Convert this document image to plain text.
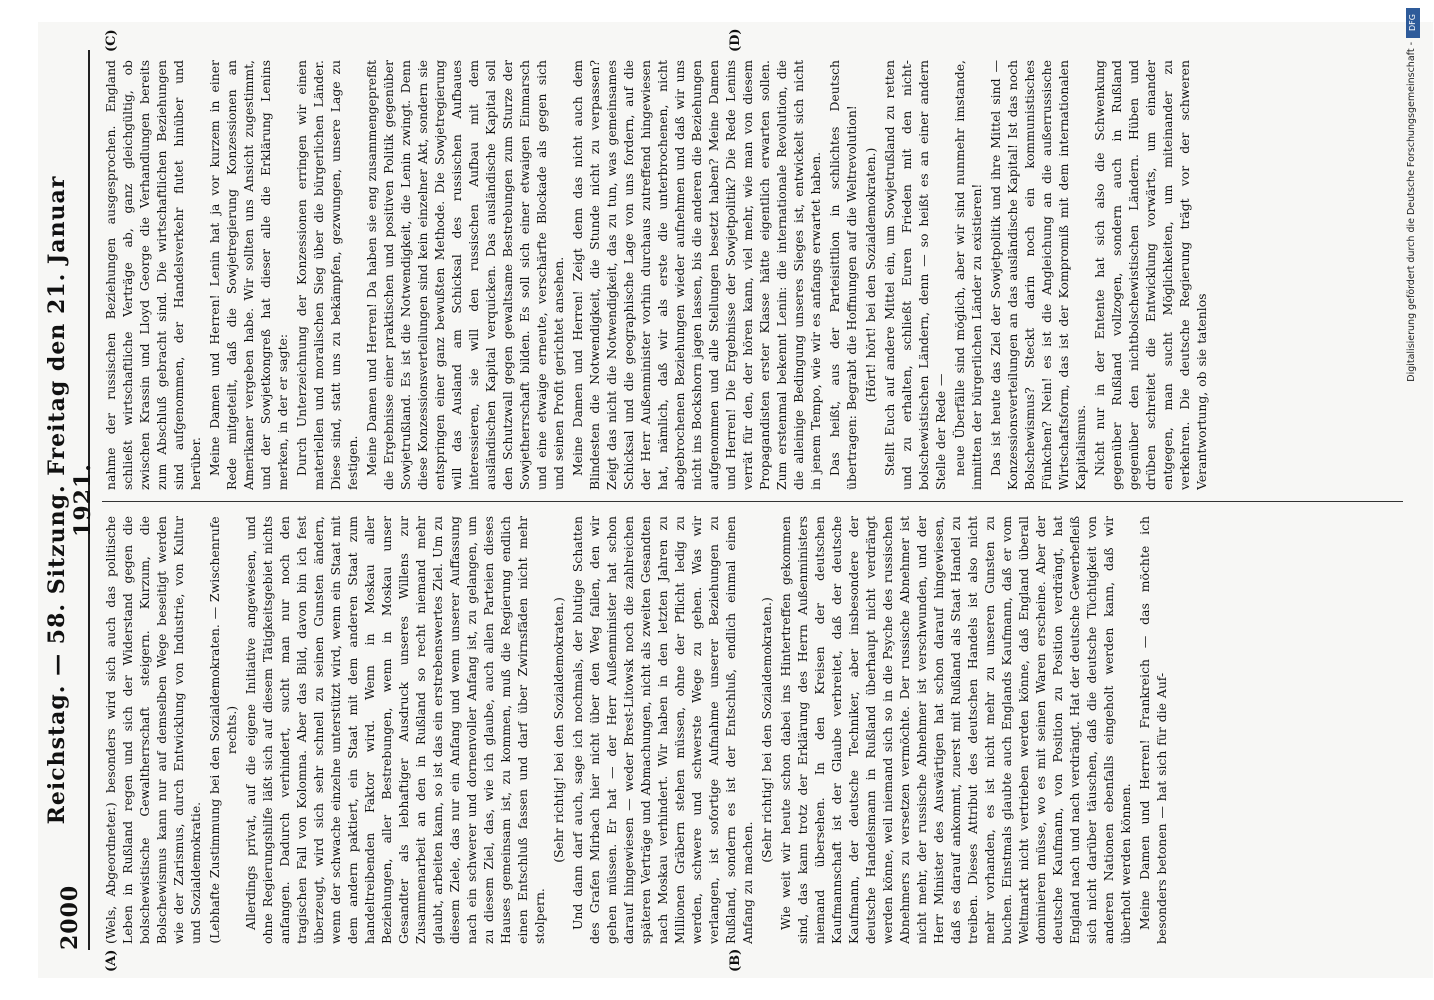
2000
Reichstag. — 58. Sitzung. Freitag den 21. Januar 1921.
(A)	(B)
(C)	(D)

(Wels, Abgeordneter.) besonders wird sich auch das politische Leben in Rußland regen und sich der Widerstand gegen die bolschewistische Gewaltherrschaft steigern. Kurzum, die Bolschewismus kann nur auf demselben Wege beseitigt werden wie der Zarismus, durch Entwicklung von Industrie, von Kultur und Sozialdemokratie. (Lebhafte Zustimmung bei den Sozialdemokraten. — Zwischenrufe rechts.) Allerdings privat, auf die eigene Initiative angewiesen, und ohne Regierungshilfe läßt sich auf diesem Tätigkeitsgebiet nichts anfangen. Dadurch verhindert, sucht man nur noch den tragischen Fall von Kolomna. Aber das Bild, davon bin ich fest überzeugt, wird sich sehr schnell zu seinen Gunsten ändern, wenn der schwache einzelne unterstützt wird, wenn ein Staat mit dem andern paktiert, ein Staat mit dem anderen Staat zum handeltreibenden Faktor wird. Wenn in Moskau aller Beziehungen, aller Bestrebungen, wenn in Moskau unser Gesandter als lebhaftiger Ausdruck unseres Willens zur Zusammenarbeit an den in Rußland so recht niemand mehr glaubt, arbeiten kann, so ist das ein erstrebenswertes Ziel. Um zu diesem Ziele, das nur ein Anfang und wenn unserer Auffassung nach ein schwerer und dornenvoller Anfang ist, zu gelangen, um zu diesem Ziel, das, wie ich glaube, auch allen Parteien dieses Hauses gemeinsam ist, zu kommen, muß die Regierung endlich einen Entschluß fassen und darf über Zwirnsfäden nicht mehr stolpern.

(Sehr richtig! bei den Sozialdemokraten.) Und dann darf auch, sage ich nochmals, der blutige Schatten des Grafen Mirbach hier nicht über den Weg fallen, den wir gehen müssen. Er hat — der Herr Außenminister hat schon darauf hingewiesen — weder Brest-Litowsk noch die zahlreichen späteren Verträge und Abmachungen, nicht als zweiten Gesandten nach Moskau verhindert. Wir haben in den letzten Jahren zu Millionen Gräbern stehen müssen, ohne der Pflicht ledig zu werden, schwere und schwerste Wege zu gehen. Was wir verlangen, ist sofortige Aufnahme unserer Beziehungen zu Rußland, sondern es ist der Entschluß, endlich einmal einen Anfang zu machen.

(Sehr richtig! bei den Sozialdemokraten.) Wie weit wir heute schon dabei ins Hintertreffen gekommen sind, das kann trotz der Erklärung des Herrn Außenministers niemand übersehen. In den Kreisen der deutschen Kaufmannschaft ist der Glaube verbreitet, daß der deutsche Kaufmann, der deutsche Techniker, aber insbesondere der deutsche Handelsmann in Rußland überhaupt nicht verdrängt werden könne, weil niemand sich so in die Psyche des russischen Abnehmers zu versetzen vermöchte. Der russische Abnehmer ist nicht mehr, der russische Abnehmer ist verschwunden, und der Herr Minister des Auswärtigen hat schon darauf hingewiesen, daß es darauf ankommt, zuerst mit Rußland als Staat Handel zu treiben. Dieses Attribut des deutschen Handels ist also nicht mehr vorhanden, es ist nicht mehr zu unseren Gunsten zu buchen. Einstmals glaubte auch Englands Kaufmann, daß er vom Weltmarkt nicht vertrieben werden könne, daß England überall dominieren müsse, wo es mit seinen Waren erscheine. Aber der deutsche Kaufmann, von Position zu Position verdrängt, hat England nach und nach verdrängt. Hat der deutsche Gewerbefleiß sich nicht darüber täuschen, daß die deutsche Tüchtigkeit von anderen Nationen ebenfalls eingeholt werden kann, daß wir überholt werden können. Meine Damen und Herren! Frankreich — das möchte ich besonders betonen — hat sich für die Auf-

nahme der russischen Beziehungen ausgesprochen. England schließt wirtschaftliche Verträge ab, ganz gleichgültig, ob zwischen Krassin und Lloyd George die Verhandlungen bereits zum Abschluß gebracht sind. Die wirtschaftlichen Beziehungen sind aufgenommen, der Handelsverkehr flutet hinüber und herüber. Meine Damen und Herren! Lenin hat ja vor kurzem in einer Rede mitgeteilt, daß die Sowjetregierung Konzessionen an Amerikaner vergeben habe. Wir sollten uns Ansicht zugestimmt, und der Sowjetkongreß hat dieser alle die Erklärung Lenins merken, in der er sagte: Durch Unterzeichnung der Konzessionen erringen wir einen materiellen und moralischen Sieg über die bürgerlichen Länder. Diese sind, statt uns zu bekämpfen, gezwungen, unsere Lage zu festigen. Meine Damen und Herren! Da haben sie eng zusammengeprefßt die Ergebnisse einer praktischen und positiven Politik gegenüber Sowjetrußland. Es ist die Notwendigkeit, die Lenin zwingt. Denn diese Konzessionsverteilungen sind kein einzelner Akt, sondern sie entspringen einer ganz bewußten Methode. Die Sowjetregierung will das Ausland am Schicksal des russischen Aufbaues interessieren, sie will den russischen Aufbau mit dem ausländischen Kapital verquicken. Das ausländische Kapital soll den Schutzwall gegen gewaltsame Bestrebungen zum Sturze der Sowjetherrschaft bilden. Es soll sich einer etwaigen Einmarsch und eine etwaige erneute, verschärfte Blockade als gegen sich und seinen Profit gerichtet ansehen. Meine Damen und Herren! Zeigt denn das nicht auch dem Blindesten die Notwendigkeit, die Stunde nicht zu verpassen? Zeigt das nicht die Notwendigkeit, das zu tun, was gemeinsames Schicksal und die geographische Lage von uns fordern, auf die der Herr Außenminister vorhin durchaus zutreffend hingewiesen hat, nämlich, daß wir als erste die unterbrochenen, nicht abgebrochenen Beziehungen wieder aufnehmen und daß wir uns nicht ins Bockshorn jagen lassen, bis die anderen die Beziehungen aufgenommen und alle Stellungen besetzt haben? Meine Damen und Herren! Die Ergebnisse der Sowjetpolitik? Die Rede Lenins verrät für den, der hören kann, viel mehr, wie man von diesem Propagandisten erster Klasse hätte eigentlich erwarten sollen. Zum erstenmal bekennt Lenin: die internationale Revolution, die die alleinige Bedingung unseres Sieges ist, entwickelt sich nicht in jenem Tempo, wie wir es anfangs erwartet haben. Das heißt, aus der Parteisittlion in schlichtes Deutsch übertragen: Begrabt die Hoffnungen auf die Weltrevolution! (Hört! hört! bei den Sozialdemokraten.) Stellt Euch auf andere Mittel ein, um Sowjetrußland zu retten und zu erhalten, schließt Euren Frieden mit den nicht-bolschewistischen Ländern, denn — so heißt es an einer andern Stelle der Rede — neue Überfälle sind möglich, aber wir sind nunmehr imstande, inmitten der bürgerlichen Länder zu existieren! Das ist heute das Ziel der Sowjetpolitik und ihre Mittel sind — Konzessionsverteilungen an das ausländische Kapital! Ist das noch Bolschewismus? Steckt darin noch ein kommunistisches Fünkchen? Nein! es ist die Angleichung an die außerrussische Wirtschaftsform, das ist der Kompromiß mit dem internationalen Kapitalismus. Nicht nur in der Entente hat sich also die Schwenkung gegenüber Rußland vollzogen, sondern auch in Rußland gegenüber den nichtbolschewistischen Ländern. Hüben und drüben schreitet die Entwicklung vorwärts, um einander entgegen, man sucht Möglichkeiten, um miteinander zu verkehren. Die deutsche Regierung trägt vor der schweren Verantwortung, ob sie tatenlos

DFG
Digitalisierung gefördert durch die Deutsche Forschungsgemeinschaft -
